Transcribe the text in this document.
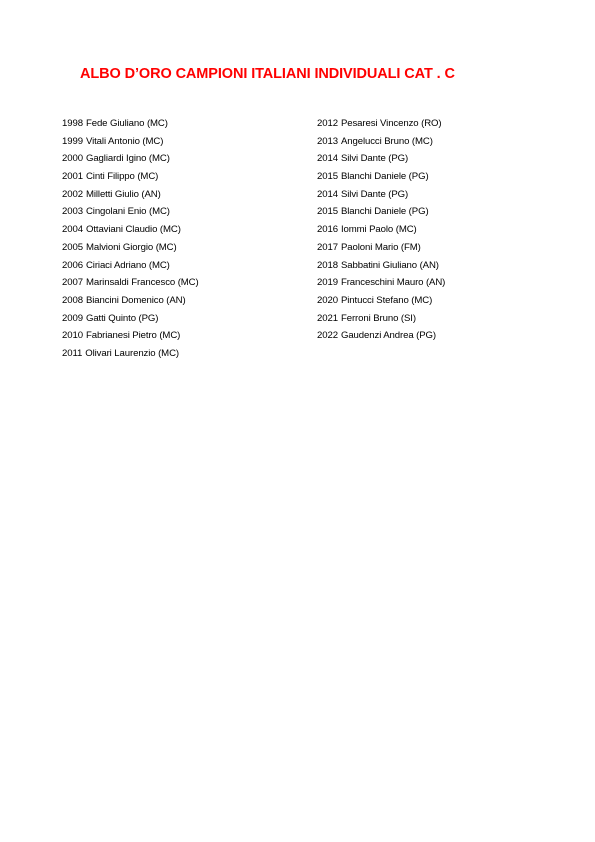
ALBO D’ORO CAMPIONI ITALIANI INDIVIDUALI CAT . C
1998 Fede Giuliano (MC)
1999 Vitali Antonio (MC)
2000 Gagliardi Igino (MC)
2001 Cinti Filippo (MC)
2002 Milletti Giulio (AN)
2003 Cingolani Enio (MC)
2004 Ottaviani Claudio (MC)
2005 Malvioni Giorgio (MC)
2006 Ciriaci Adriano (MC)
2007 Marinsaldi Francesco (MC)
2008 Biancini Domenico (AN)
2009 Gatti Quinto (PG)
2010 Fabrianesi Pietro (MC)
2011 Olivari Laurenzio (MC)
2012 Pesaresi Vincenzo (RO)
2013 Angelucci Bruno (MC)
2014 Silvi Dante (PG)
2015 Blanchi Daniele (PG)
2014 Silvi Dante (PG)
2015 Blanchi Daniele (PG)
2016 Iommi Paolo (MC)
2017 Paoloni Mario (FM)
2018 Sabbatini Giuliano (AN)
2019 Franceschini Mauro (AN)
2020 Pintucci Stefano (MC)
2021 Ferroni Bruno (SI)
2022 Gaudenzi Andrea (PG)
